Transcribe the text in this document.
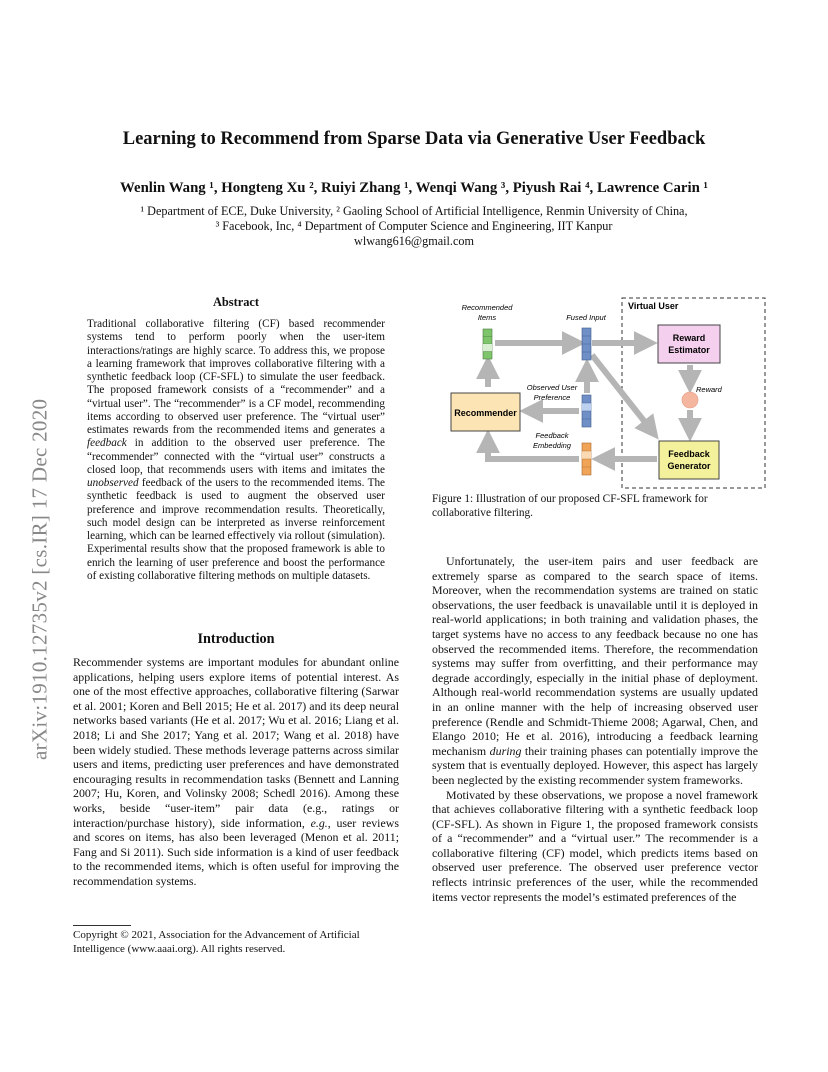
Learning to Recommend from Sparse Data via Generative User Feedback
Wenlin Wang ¹, Hongteng Xu ², Ruiyi Zhang ¹, Wenqi Wang ³, Piyush Rai ⁴, Lawrence Carin ¹
¹ Department of ECE, Duke University, ² Gaoling School of Artificial Intelligence, Renmin University of China,
³ Facebook, Inc, ⁴ Department of Computer Science and Engineering, IIT Kanpur
wlwang616@gmail.com
arXiv:1910.12735v2 [cs.IR] 17 Dec 2020
Abstract
Traditional collaborative filtering (CF) based recommender systems tend to perform poorly when the user-item interactions/ratings are highly scarce. To address this, we propose a learning framework that improves collaborative filtering with a synthetic feedback loop (CF-SFL) to simulate the user feedback. The proposed framework consists of a “recommender” and a “virtual user”. The “recommender” is a CF model, recommending items according to observed user preference. The “virtual user” estimates rewards from the recommended items and generates a feedback in addition to the observed user preference. The “recommender” connected with the “virtual user” constructs a closed loop, that recommends users with items and imitates the unobserved feedback of the users to the recommended items. The synthetic feedback is used to augment the observed user preference and improve recommendation results. Theoretically, such model design can be interpreted as inverse reinforcement learning, which can be learned effectively via rollout (simulation). Experimental results show that the proposed framework is able to enrich the learning of user preference and boost the performance of existing collaborative filtering methods on multiple datasets.
Introduction

Recommender systems are important modules for abundant online applications, helping users explore items of potential interest. As one of the most effective approaches, collaborative filtering (Sarwar et al. 2001; Koren and Bell 2015; He et al. 2017) and its deep neural networks based variants (He et al. 2017; Wu et al. 2016; Liang et al. 2018; Li and She 2017; Yang et al. 2017; Wang et al. 2018) have been widely studied. These methods leverage patterns across similar users and items, predicting user preferences and have demonstrated encouraging results in recommendation tasks (Bennett and Lanning 2007; Hu, Koren, and Volinsky 2008; Schedl 2016). Among these works, beside “user-item” pair data (e.g., ratings or interaction/purchase history), side information, e.g., user reviews and scores on items, has also been leveraged (Menon et al. 2011; Fang and Si 2011). Such side information is a kind of user feedback to the recommended items, which is often useful for improving the recommendation systems.

Copyright © 2021, Association for the Advancement of Artificial Intelligence (www.aaai.org). All rights reserved.
Virtual User
Recommended
Items	Fused Input
Reward
Estimator
Reward
Recommender
Observed User
Preference
Feedback
Embedding
Feedback
Generator
Figure 1: Illustration of our proposed CF-SFL framework for collaborative filtering.

Unfortunately, the user-item pairs and user feedback are extremely sparse as compared to the search space of items. Moreover, when the recommendation systems are trained on static observations, the user feedback is unavailable until it is deployed in real-world applications; in both training and validation phases, the target systems have no access to any feedback because no one has observed the recommended items. Therefore, the recommendation systems may suffer from overfitting, and their performance may degrade accordingly, especially in the initial phase of deployment. Although real-world recommendation systems are usually updated in an online manner with the help of increasing observed user preference (Rendle and Schmidt-Thieme 2008; Agarwal, Chen, and Elango 2010; He et al. 2016), introducing a feedback learning mechanism during their training phases can potentially improve the system that is eventually deployed. However, this aspect has largely been neglected by the existing recommender system frameworks.

Motivated by these observations, we propose a novel framework that achieves collaborative filtering with a synthetic feedback loop (CF-SFL). As shown in Figure 1, the proposed framework consists of a “recommender” and a “virtual user.” The recommender is a collaborative filtering (CF) model, which predicts items based on observed user preference. The observed user preference vector reflects intrinsic preferences of the user, while the recommended items vector represents the model’s estimated preferences of the
